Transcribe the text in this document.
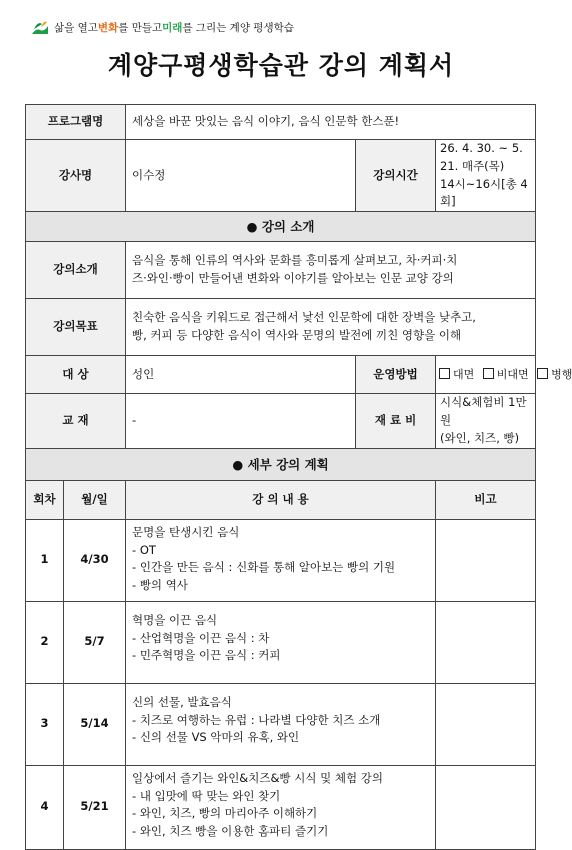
삶을 열고 변화 를 만들고 미래 를 그리는 계양 평생학습
계양구평생학습관 강의 계획서
프로그램명		세상을 바꾼 맛있는 음식 이야기, 음식 인문학 한스푼!		
강사명		이수정	강의시간	26. 4. 30. ~ 5. 21. 매주(목)
14시~16시[총 4회]

● 강의 소개				
강의소개		음식을 통해 인류의 역사와 문화를 흥미롭게 살펴보고, 차·커피·치
즈·와인·빵이 만들어낸 변화와 이야기를 알아보는 인문 교양 강의		

강의목표		친숙한 음식을 키워드로 접근해서 낯선 인문학에 대한 장벽을 낮추고,
빵, 커피 등 다양한 음식이 역사와 문명의 발전에 끼친 영향을 이해		

대 상		성인	운영방법	대면 비대면 병행
교 재		-	재 료 비	시식&체험비 1만원
(와인, 치즈, 빵)

● 세부 강의 계획				
회차	월/일	강 의 내 용		비고
1	4/30	문명을 탄생시킨 음식
- OT
- 인간을 만든 음식 : 신화를 통해 알아보는 빵의 기원
- 빵의 역사		

2	5/7	혁명을 이끈 음식
- 산업혁명을 이끈 음식 : 차
- 민주혁명을 이끈 음식 : 커피		

3	5/14	신의 선물, 발효음식
- 치즈로 여행하는 유럽 : 나라별 다양한 치즈 소개
- 신의 선물 VS 악마의 유혹, 와인		

4	5/21	일상에서 즐기는 와인&치즈&빵 시식 및 체험 강의
- 내 입맛에 딱 맞는 와인 찾기
- 와인, 치즈, 빵의 마리아주 이해하기
- 와인, 치즈 빵을 이용한 홈파티 즐기기		
